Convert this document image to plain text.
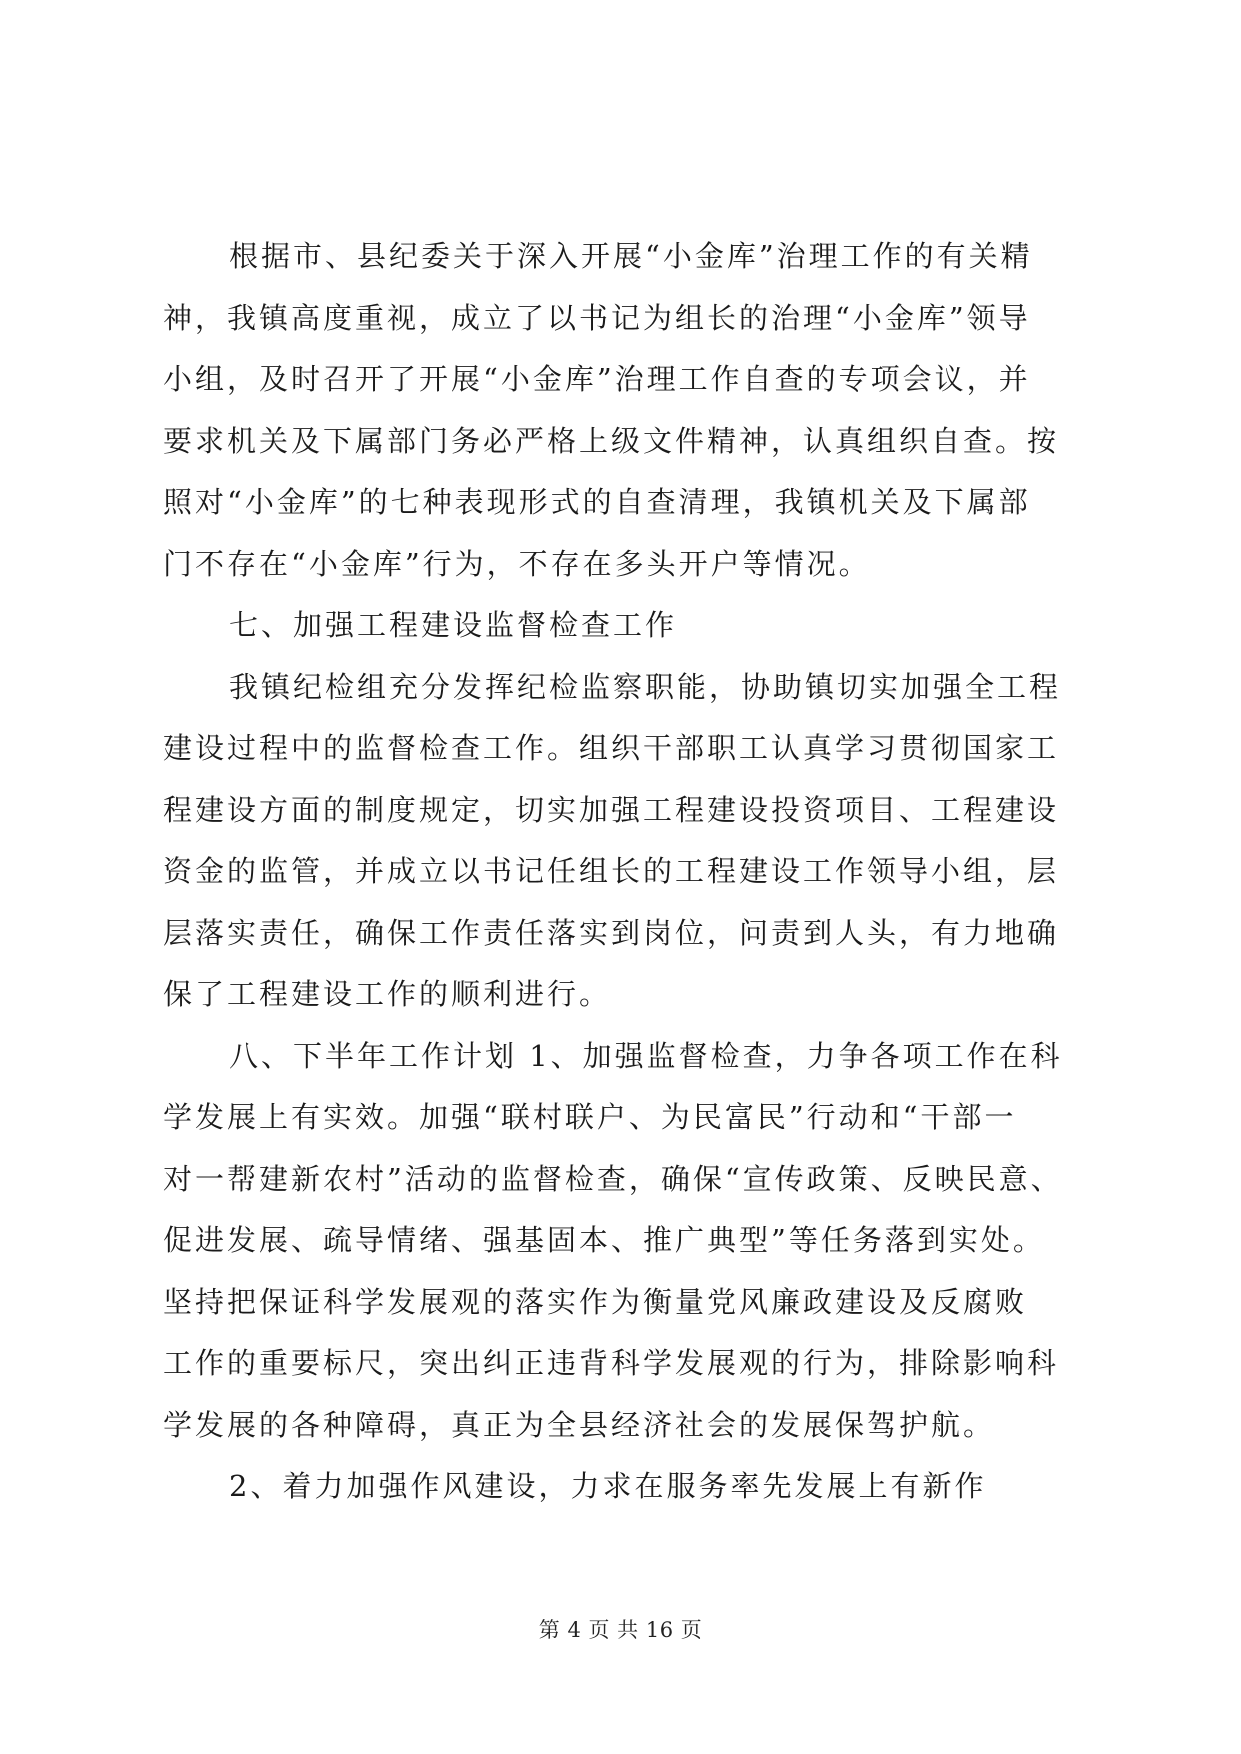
根据市、县纪委关于深入开展“小金库”治理工作的有关精
神，我镇高度重视，成立了以书记为组长的治理“小金库”领导
小组，及时召开了开展“小金库”治理工作自查的专项会议，并
要求机关及下属部门务必严格上级文件精神，认真组织自查。按
照对“小金库”的七种表现形式的自查清理，我镇机关及下属部
门不存在“小金库”行为，不存在多头开户等情况。
七、加强工程建设监督检查工作
我镇纪检组充分发挥纪检监察职能，协助镇切实加强全工程
建设过程中的监督检查工作。组织干部职工认真学习贯彻国家工
程建设方面的制度规定，切实加强工程建设投资项目、工程建设
资金的监管，并成立以书记任组长的工程建设工作领导小组，层
层落实责任，确保工作责任落实到岗位，问责到人头，有力地确
保了工程建设工作的顺利进行。
八、下半年工作计划 1、加强监督检查，力争各项工作在科
学发展上有实效。加强“联村联户、为民富民”行动和“干部一
对一帮建新农村”活动的监督检查，确保“宣传政策、反映民意、
促进发展、疏导情绪、强基固本、推广典型”等任务落到实处。
坚持把保证科学发展观的落实作为衡量党风廉政建设及反腐败
工作的重要标尺，突出纠正违背科学发展观的行为，排除影响科
学发展的各种障碍，真正为全县经济社会的发展保驾护航。
2、着力加强作风建设，力求在服务率先发展上有新作
第 4 页 共 16 页
